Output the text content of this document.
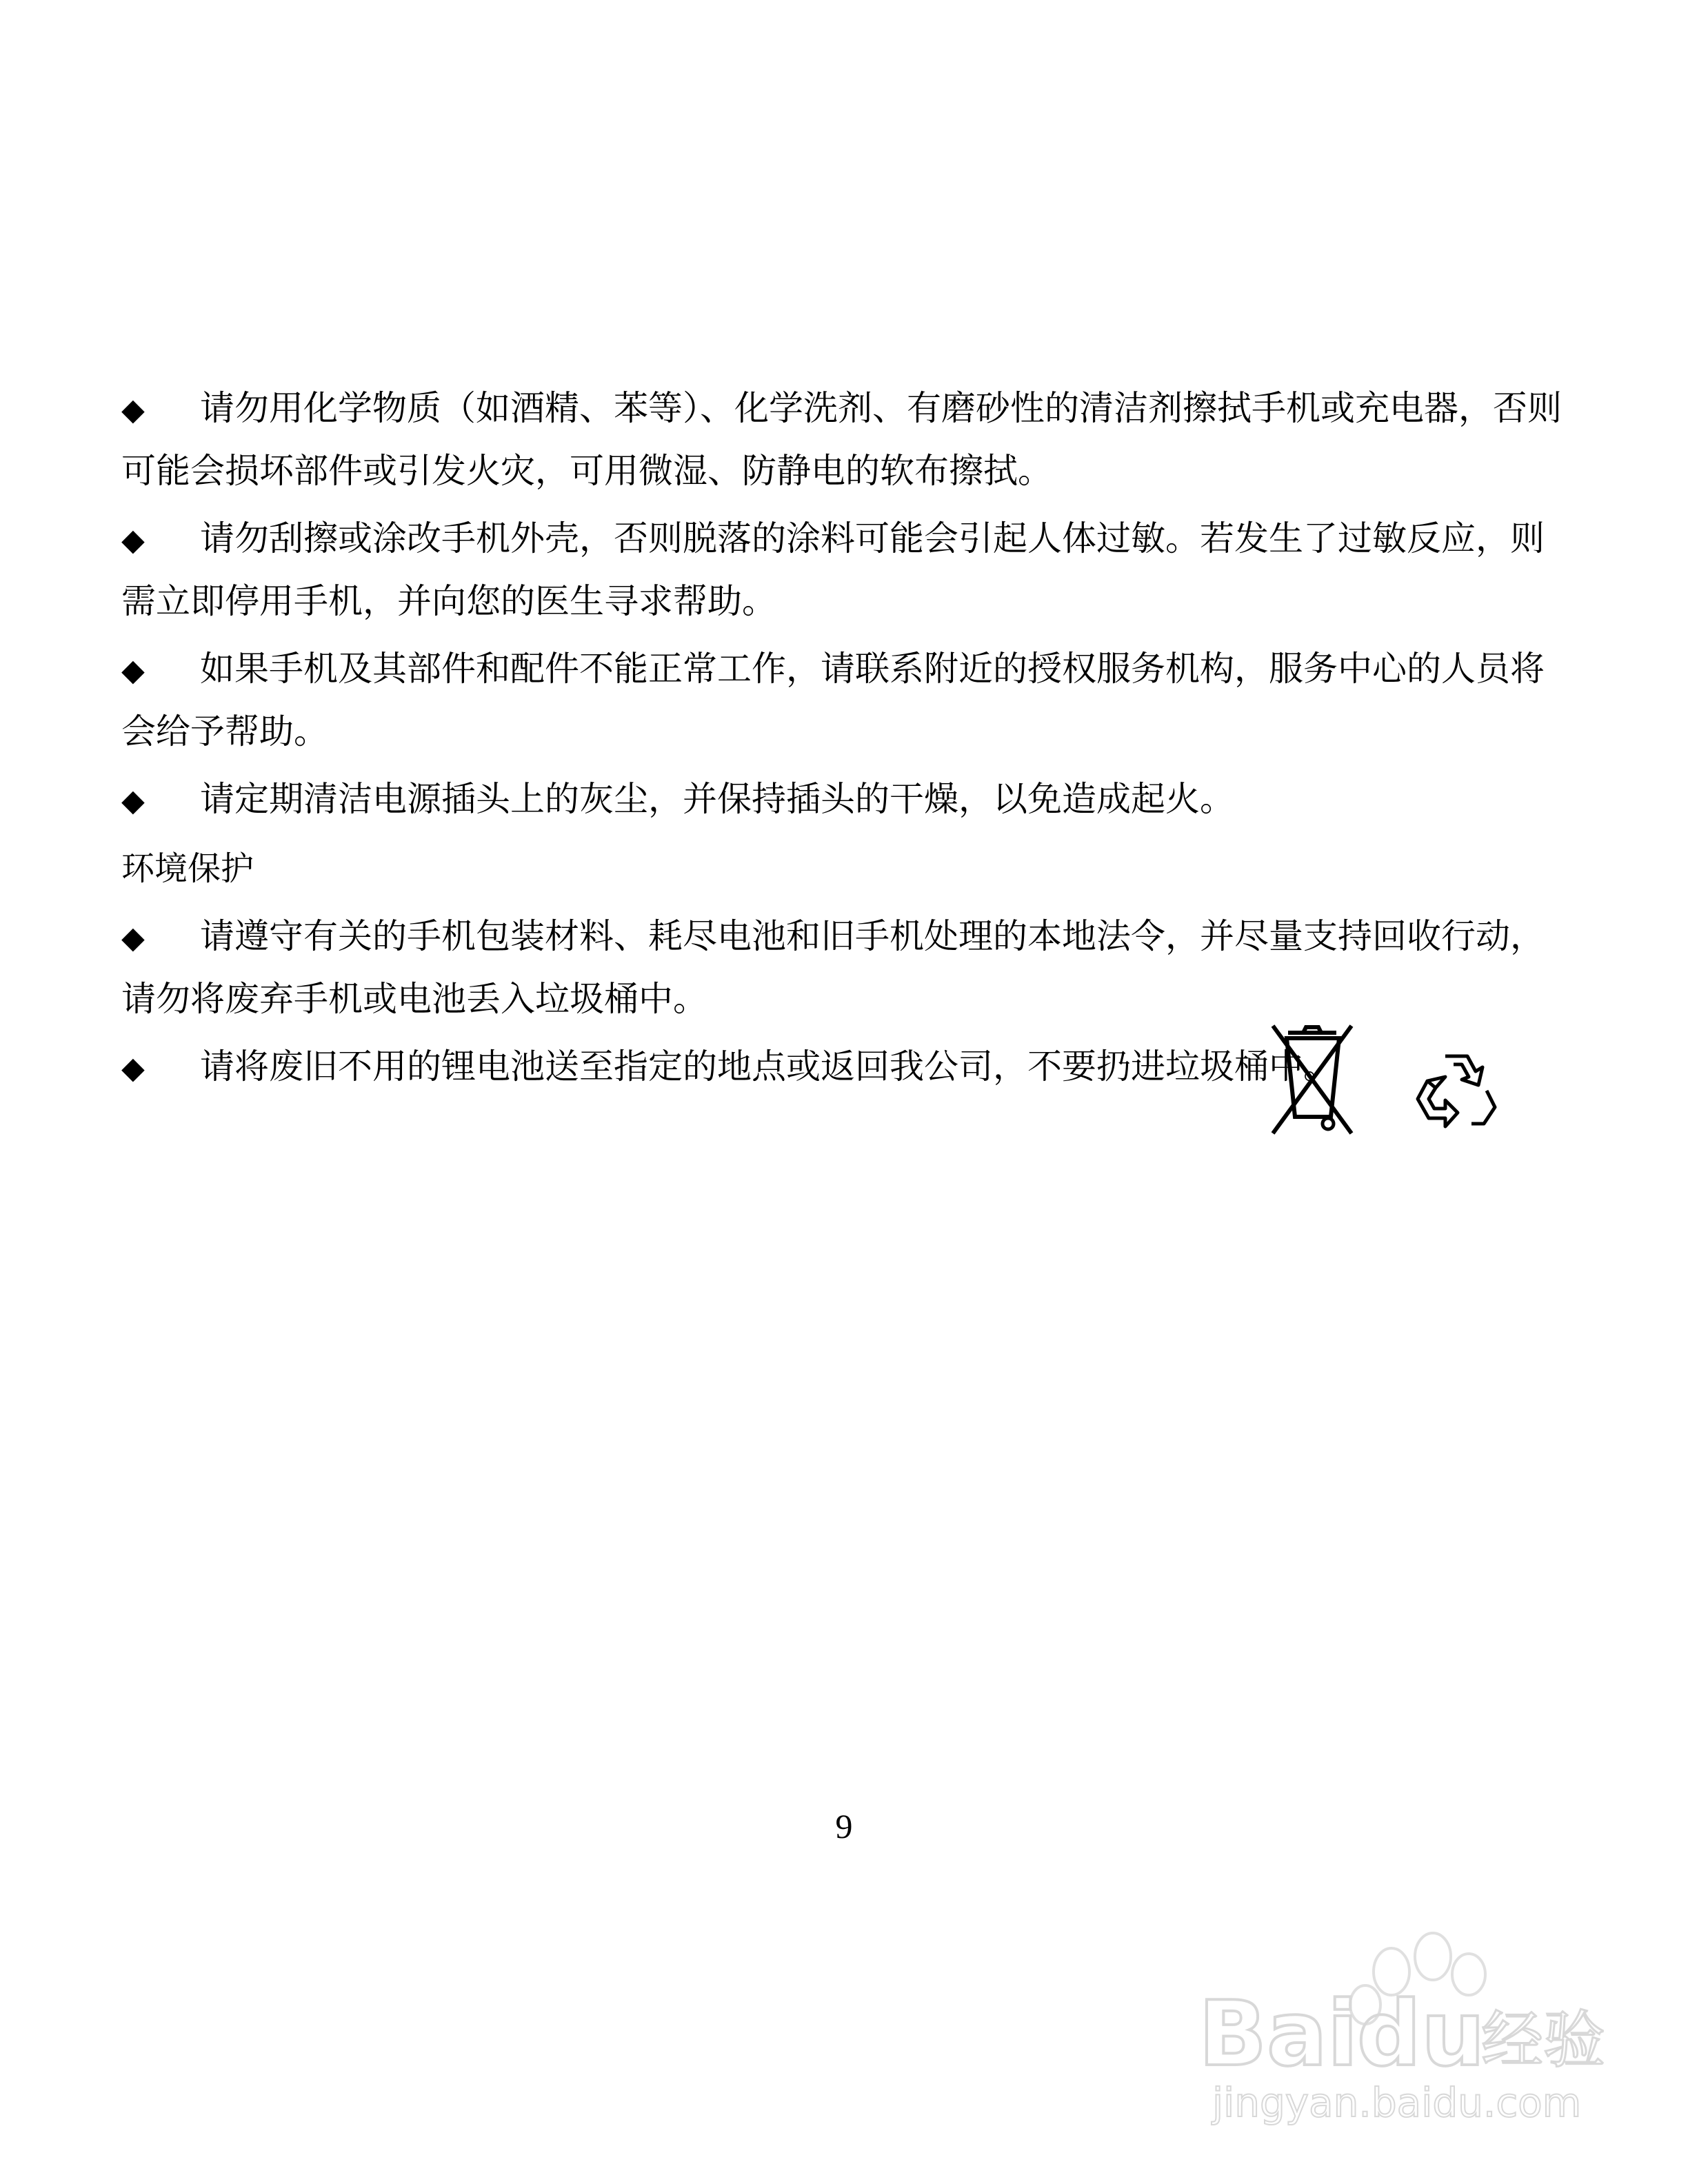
◆ 请勿用化学物质（如酒精、苯等）、化学洗剂、有磨砂性的清洁剂擦拭手机或充电器，否则可能会损坏部件或引发火灾，可用微湿、防静电的软布擦拭。

◆ 请勿刮擦或涂改手机外壳，否则脱落的涂料可能会引起人体过敏。若发生了过敏反应，则需立即停用手机，并向您的医生寻求帮助。

◆ 如果手机及其部件和配件不能正常工作，请联系附近的授权服务机构，服务中心的人员将会给予帮助。

◆ 请定期清洁电源插头上的灰尘，并保持插头的干燥，以免造成起火。

环境保护

◆ 请遵守有关的手机包装材料、耗尽电池和旧手机处理的本地法令，并尽量支持回收行动，请勿将废弃手机或电池丢入垃圾桶中。

◆ 请将废旧不用的锂电池送至指定的地点或返回我公司，不要扔进垃圾桶中。

9
Bai
du
经验
jingyan.baidu.com
